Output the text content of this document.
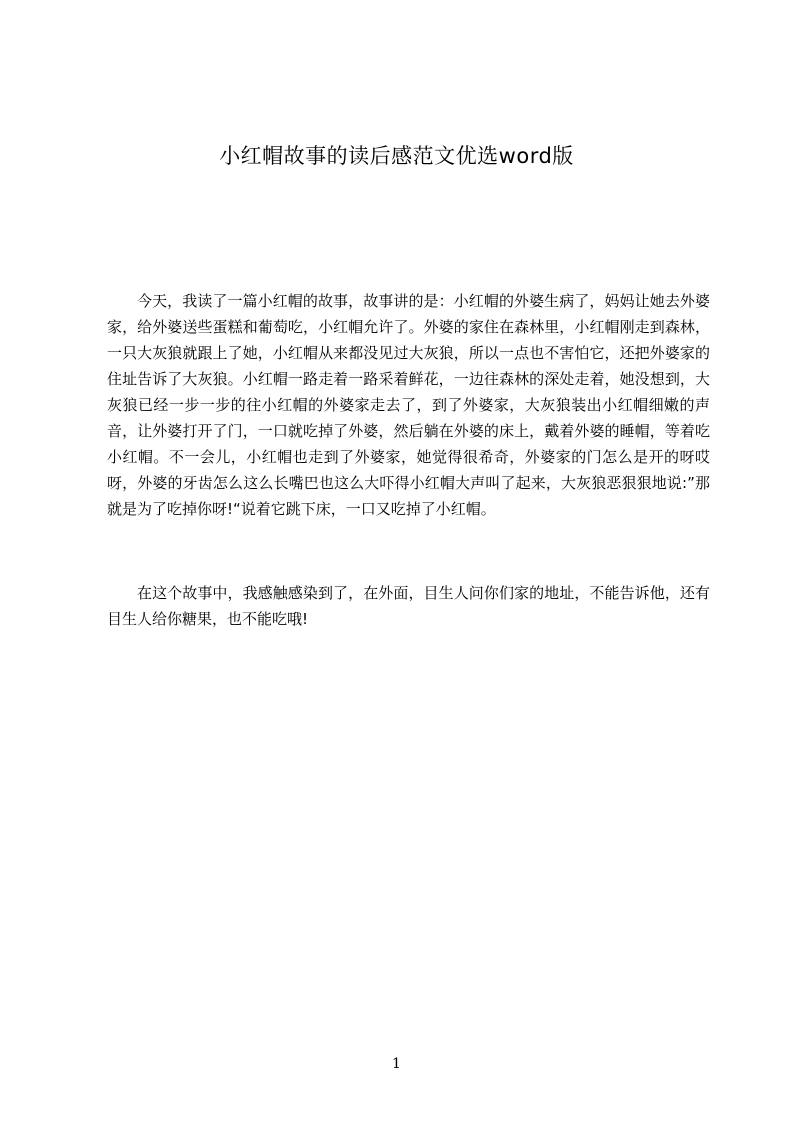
小红帽故事的读后感范文优选word版

今天，我读了一篇小红帽的故事，故事讲的是：小红帽的外婆生病了，妈妈让她去外婆家，给外婆送些蛋糕和葡萄吃，小红帽允许了。外婆的家住在森林里，小红帽刚走到森林，一只大灰狼就跟上了她，小红帽从来都没见过大灰狼，所以一点也不害怕它，还把外婆家的住址告诉了大灰狼。小红帽一路走着一路采着鲜花，一边往森林的深处走着，她没想到，大灰狼已经一步一步的往小红帽的外婆家走去了，到了外婆家，大灰狼装出小红帽细嫩的声音，让外婆打开了门，一口就吃掉了外婆，然后躺在外婆的床上，戴着外婆的睡帽，等着吃小红帽。不一会儿，小红帽也走到了外婆家，她觉得很希奇，外婆家的门怎么是开的呀哎呀，外婆的牙齿怎么这么长嘴巴也这么大吓得小红帽大声叫了起来，大灰狼恶狠狠地说:”那就是为了吃掉你呀!“说着它跳下床，一口又吃掉了小红帽。

在这个故事中，我感触感染到了，在外面，目生人问你们家的地址，不能告诉他，还有目生人给你糖果，也不能吃哦!

1
